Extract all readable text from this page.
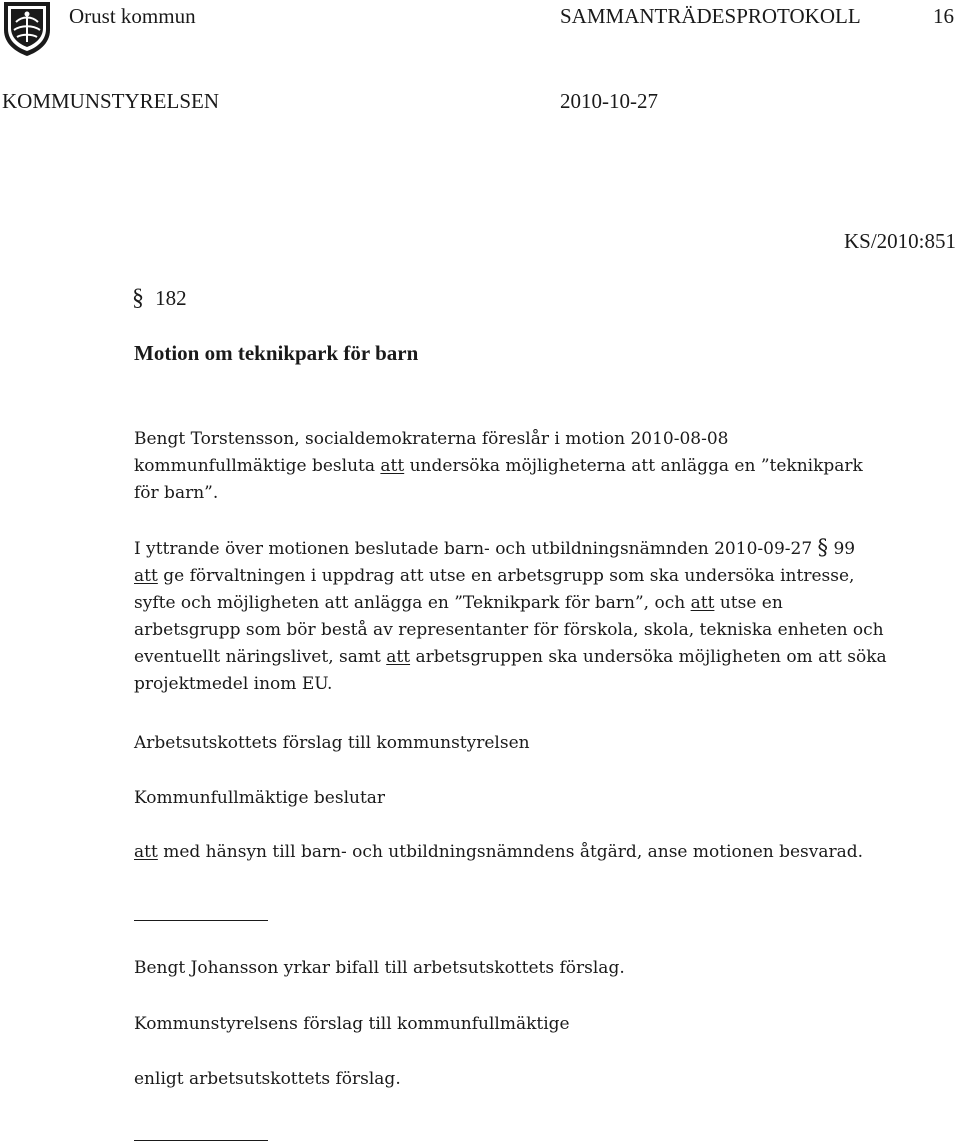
Orust kommun	SAMMANTRÄDESPROTOKOLL	16
KOMMUNSTYRELSEN	2010-10-27
KS/2010:851
§ 182
Motion om teknikpark för barn
Bengt Torstensson, socialdemokraterna föreslår i motion 2010-08-08
kommunfullmäktige besluta att undersöka möjligheterna att anlägga en ”teknikpark
för barn”.
I yttrande över motionen beslutade barn- och utbildningsnämnden 2010-09-27 § 99
att ge förvaltningen i uppdrag att utse en arbetsgrupp som ska undersöka intresse,
syfte och möjligheten att anlägga en ”Teknikpark för barn”, och att utse en
arbetsgrupp som bör bestå av representanter för förskola, skola, tekniska enheten och
eventuellt näringslivet, samt att arbetsgruppen ska undersöka möjligheten om att söka
projektmedel inom EU.
Arbetsutskottets förslag till kommunstyrelsen
Kommunfullmäktige beslutar
att med hänsyn till barn- och utbildningsnämndens åtgärd, anse motionen besvarad.
Bengt Johansson yrkar bifall till arbetsutskottets förslag.
Kommunstyrelsens förslag till kommunfullmäktige
enligt arbetsutskottets förslag.
